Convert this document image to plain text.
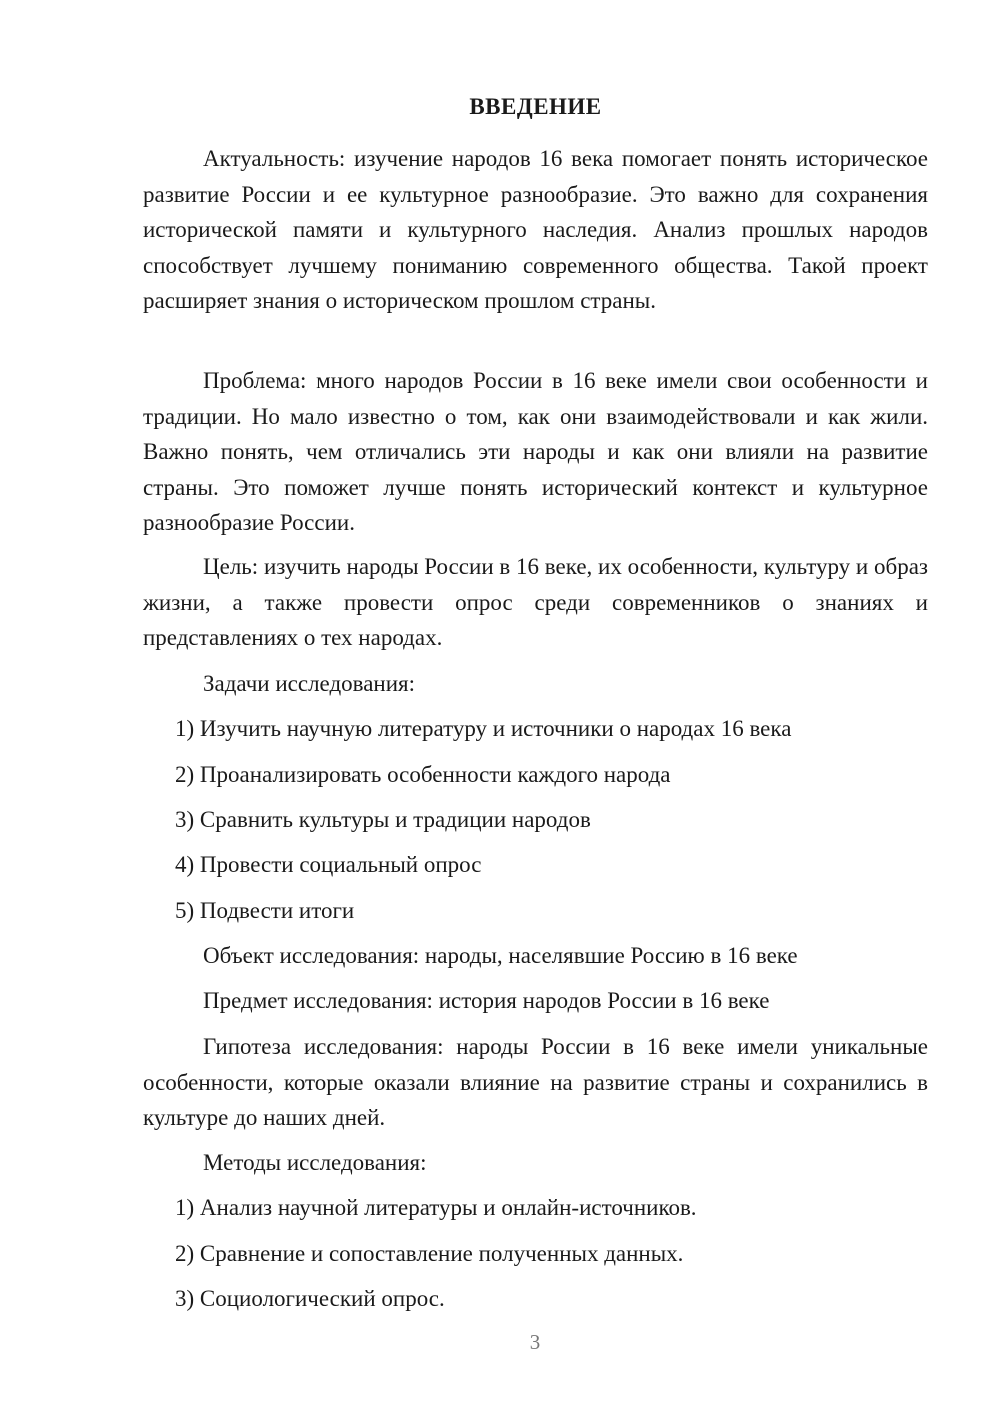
ВВЕДЕНИЕ

Актуальность: изучение народов 16 века помогает понять историческое развитие России и ее культурное разнообразие. Это важно для сохранения исторической памяти и культурного наследия. Анализ прошлых народов способствует лучшему пониманию современного общества. Такой проект расширяет знания о историческом прошлом страны.

Проблема: много народов России в 16 веке имели свои особенности и традиции. Но мало известно о том, как они взаимодействовали и как жили. Важно понять, чем отличались эти народы и как они влияли на развитие страны. Это поможет лучше понять исторический контекст и культурное разнообразие России.

Цель: изучить народы России в 16 веке, их особенности, культуру и образ жизни, а также провести опрос среди современников о знаниях и представлениях о тех народах.

Задачи исследования:

1) Изучить научную литературу и источники о народах 16 века

2) Проанализировать особенности каждого народа

3) Сравнить культуры и традиции народов

4) Провести социальный опрос

5) Подвести итоги

Объект исследования: народы, населявшие Россию в 16 веке

Предмет исследования: история народов России в 16 веке

Гипотеза исследования: народы России в 16 веке имели уникальные особенности, которые оказали влияние на развитие страны и сохранились в культуре до наших дней.

Методы исследования:

1) Анализ научной литературы и онлайн-источников.

2) Сравнение и сопоставление полученных данных.

3) Социологический опрос.

3
